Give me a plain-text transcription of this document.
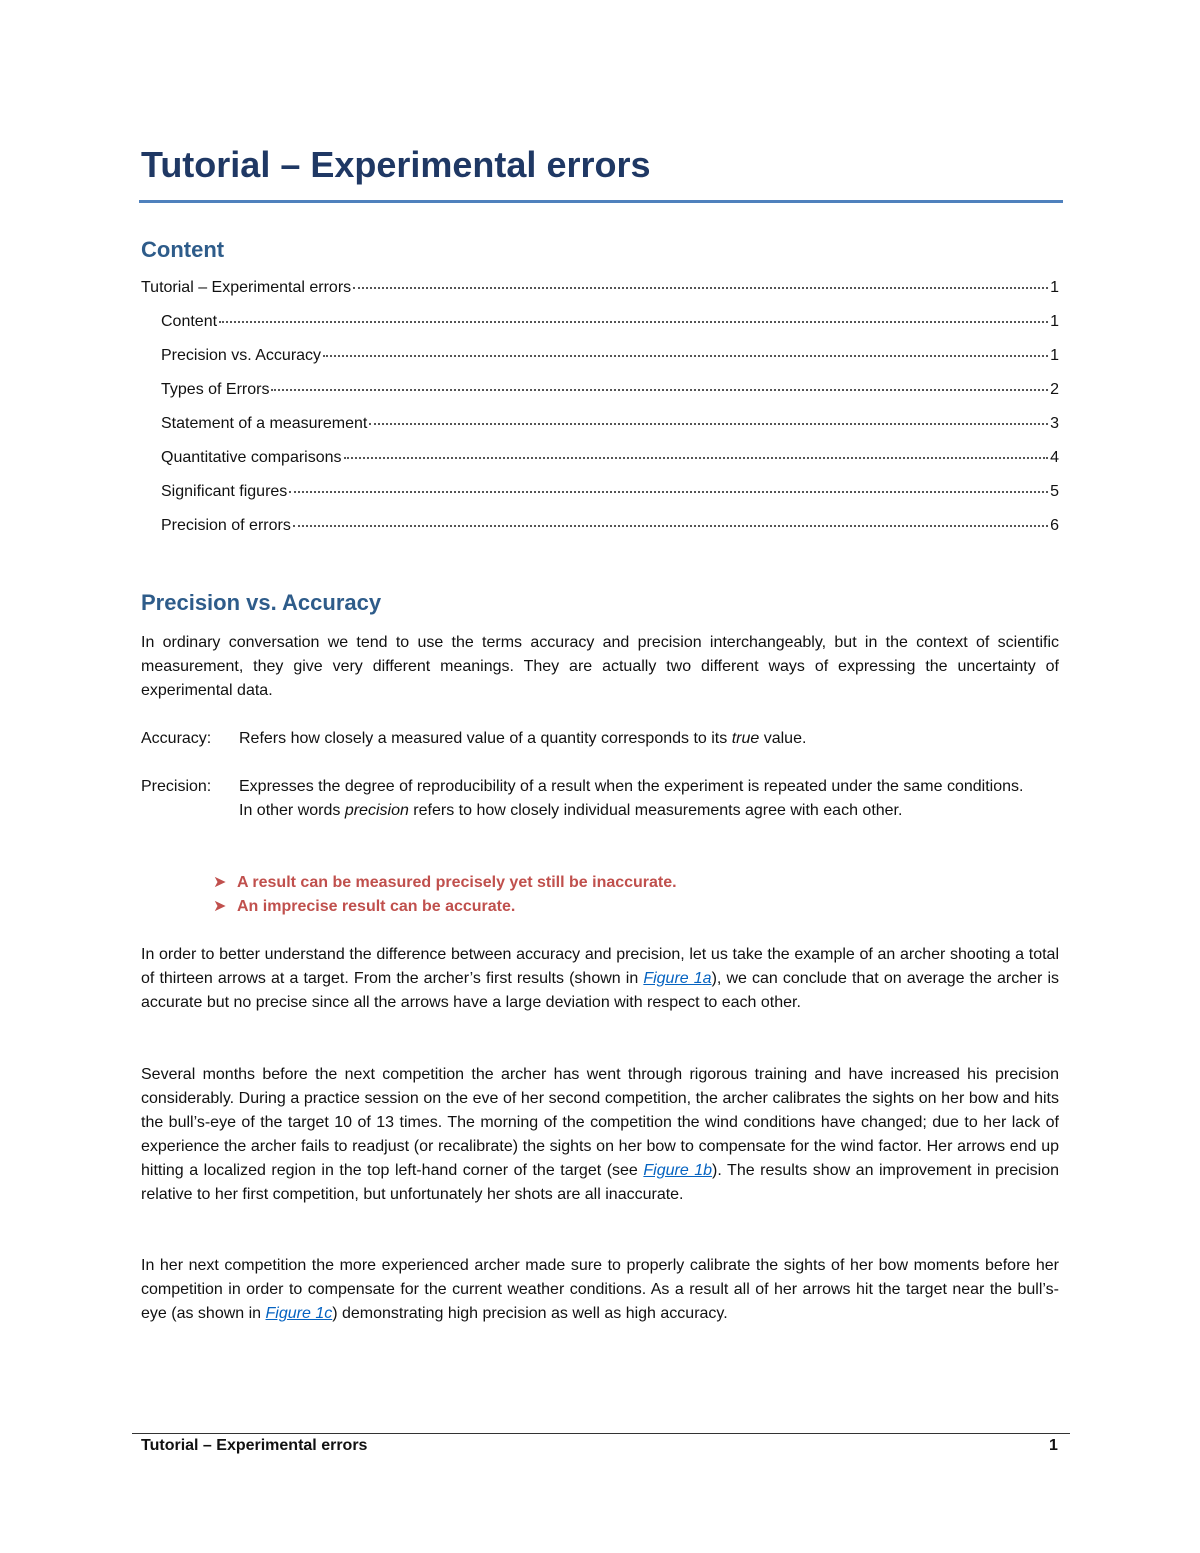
Tutorial – Experimental errors
Content
Tutorial – Experimental errors	1
Content	1
Precision vs. Accuracy	1
Types of Errors	2
Statement of a measurement	3
Quantitative comparisons	4
Significant figures	5
Precision of errors	6
Precision vs. Accuracy

In ordinary conversation we tend to use the terms accuracy and precision interchangeably, but in the context of scientific measurement, they give very different meanings. They are actually two different ways of expressing the uncertainty of experimental data.

Accuracy: Refers how closely a measured value of a quantity corresponds to its true value.
Precision: Expresses the degree of reproducibility of a result when the experiment is repeated under the same conditions. In other words precision refers to how closely individual measurements agree with each other.
➤ A result can be measured precisely yet still be inaccurate.
➤ An imprecise result can be accurate.

In order to better understand the difference between accuracy and precision, let us take the example of an archer shooting a total of thirteen arrows at a target. From the archer’s first results (shown in Figure 1a), we can conclude that on average the archer is accurate but no precise since all the arrows have a large deviation with respect to each other.

Several months before the next competition the archer has went through rigorous training and have increased his precision considerably. During a practice session on the eve of her second competition, the archer calibrates the sights on her bow and hits the bull’s-eye of the target 10 of 13 times. The morning of the competition the wind conditions have changed; due to her lack of experience the archer fails to readjust (or recalibrate) the sights on her bow to compensate for the wind factor. Her arrows end up hitting a localized region in the top left-hand corner of the target (see Figure 1b). The results show an improvement in precision relative to her first competition, but unfortunately her shots are all inaccurate.

In her next competition the more experienced archer made sure to properly calibrate the sights of her bow moments before her competition in order to compensate for the current weather conditions. As a result all of her arrows hit the target near the bull’s-eye (as shown in Figure 1c) demonstrating high precision as well as high accuracy.

Tutorial – Experimental errors	1
